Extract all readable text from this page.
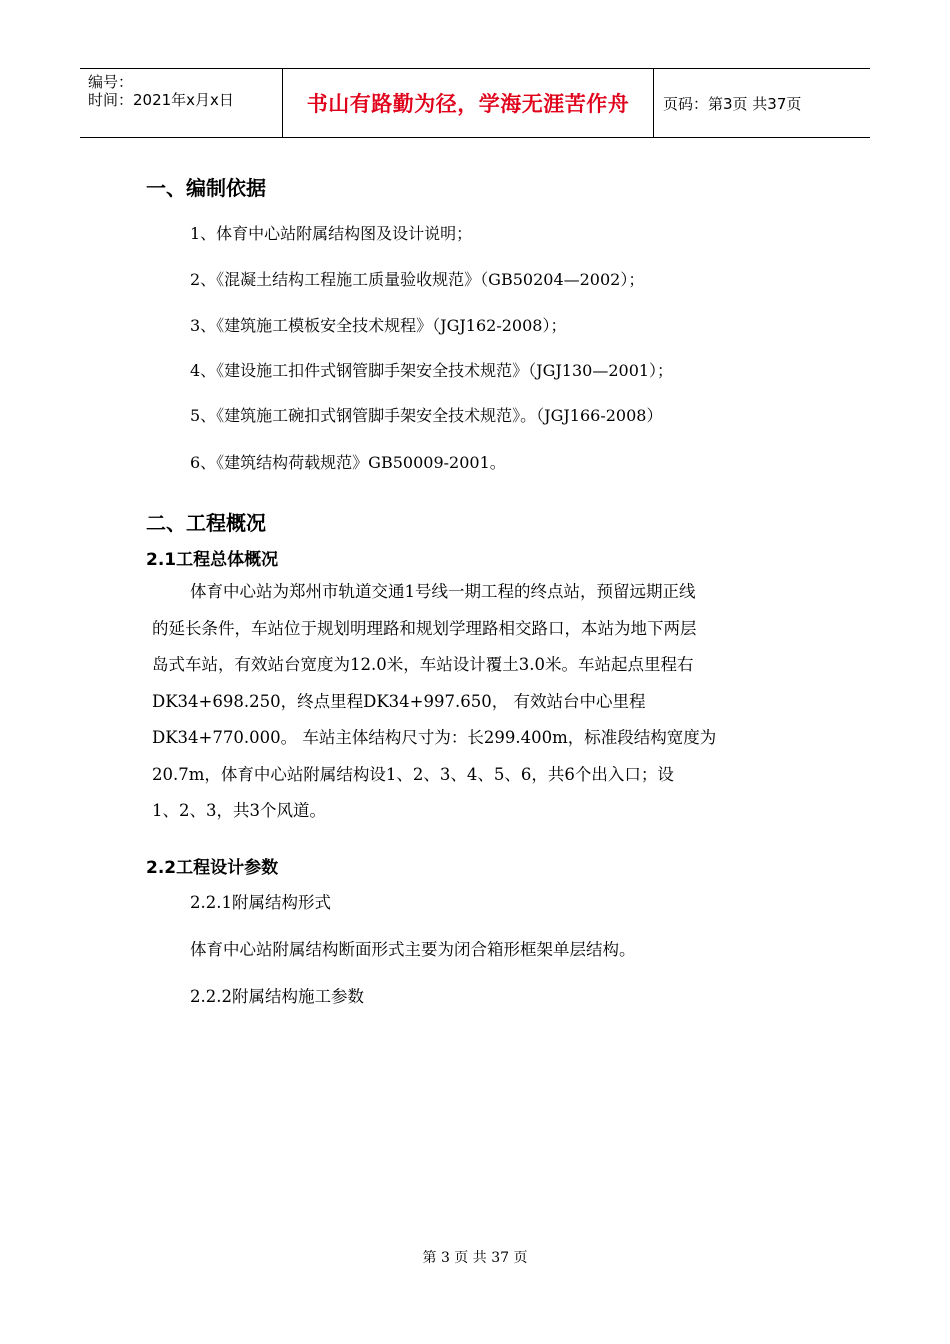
编号：
时间：2021年x月x日	书山有路勤为径，学海无涯苦作舟	页码：第3页 共37页
一、编制依据
1、体育中心站附属结构图及设计说明；
2、《混凝土结构工程施工质量验收规范》（GB50204—2002）；
3、《建筑施工模板安全技术规程》（JGJ162-2008）；
4、《建设施工扣件式钢管脚手架安全技术规范》（JGJ130—2001）；
5、《建筑施工碗扣式钢管脚手架安全技术规范》。（JGJ166-2008）
6、《建筑结构荷载规范》GB50009-2001。
二、工程概况
2.1工程总体概况
体育中心站为郑州市轨道交通1号线一期工程的终点站，预留远期正线
的延长条件，车站位于规划明理路和规划学理路相交路口，本站为地下两层
岛式车站，有效站台宽度为12.0米，车站设计覆土3.0米。车站起点里程右
DK34+698.250，终点里程DK34+997.650， 有效站台中心里程
DK34+770.000。 车站主体结构尺寸为：长299.400m，标准段结构宽度为
20.7m，体育中心站附属结构设1、2、3、4、5、6，共6个出入口；设
1、2、3，共3个风道。
2.2工程设计参数
2.2.1附属结构形式
体育中心站附属结构断面形式主要为闭合箱形框架单层结构。
2.2.2附属结构施工参数
第 3 页 共 37 页
